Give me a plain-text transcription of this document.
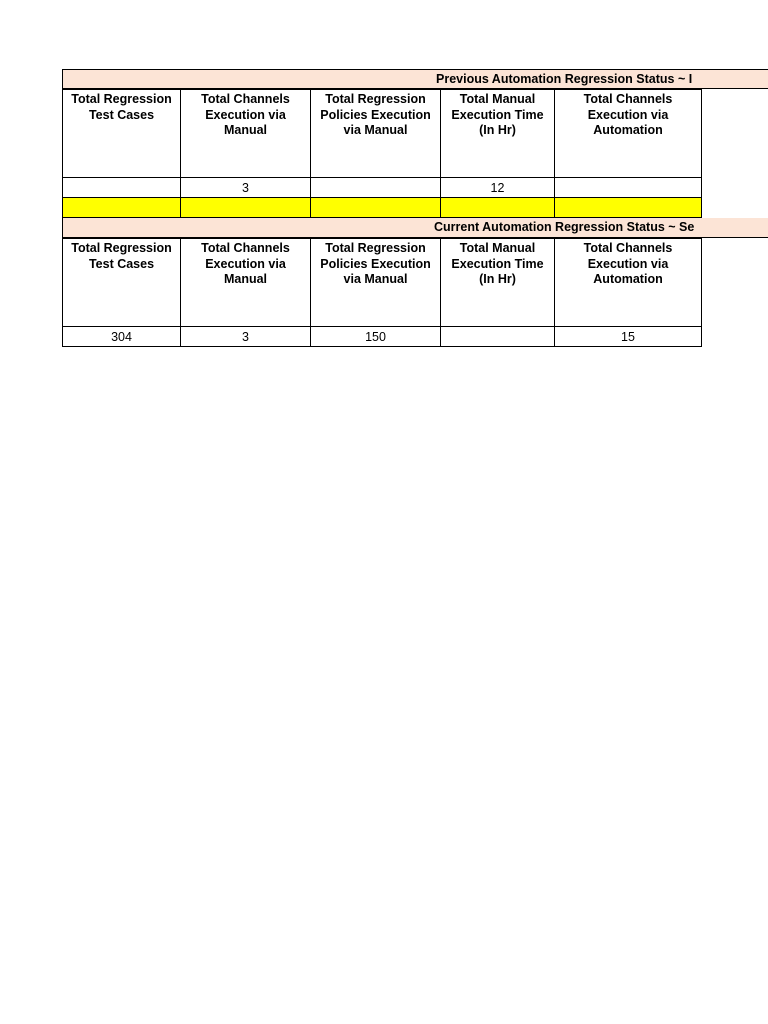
Previous Automation Regression Status ~ I
Total Regression Test Cases	Total Channels Execution via Manual	Total Regression Policies Execution via Manual	Total Manual Execution Time (In Hr)	Total Channels Execution via Automation
	3		12	

Current Automation Regression Status ~ Se
Total Regression Test Cases	Total Channels Execution via Manual	Total Regression Policies Execution via Manual	Total Manual Execution Time (In Hr)	Total Channels Execution via Automation
304	3	150		15
